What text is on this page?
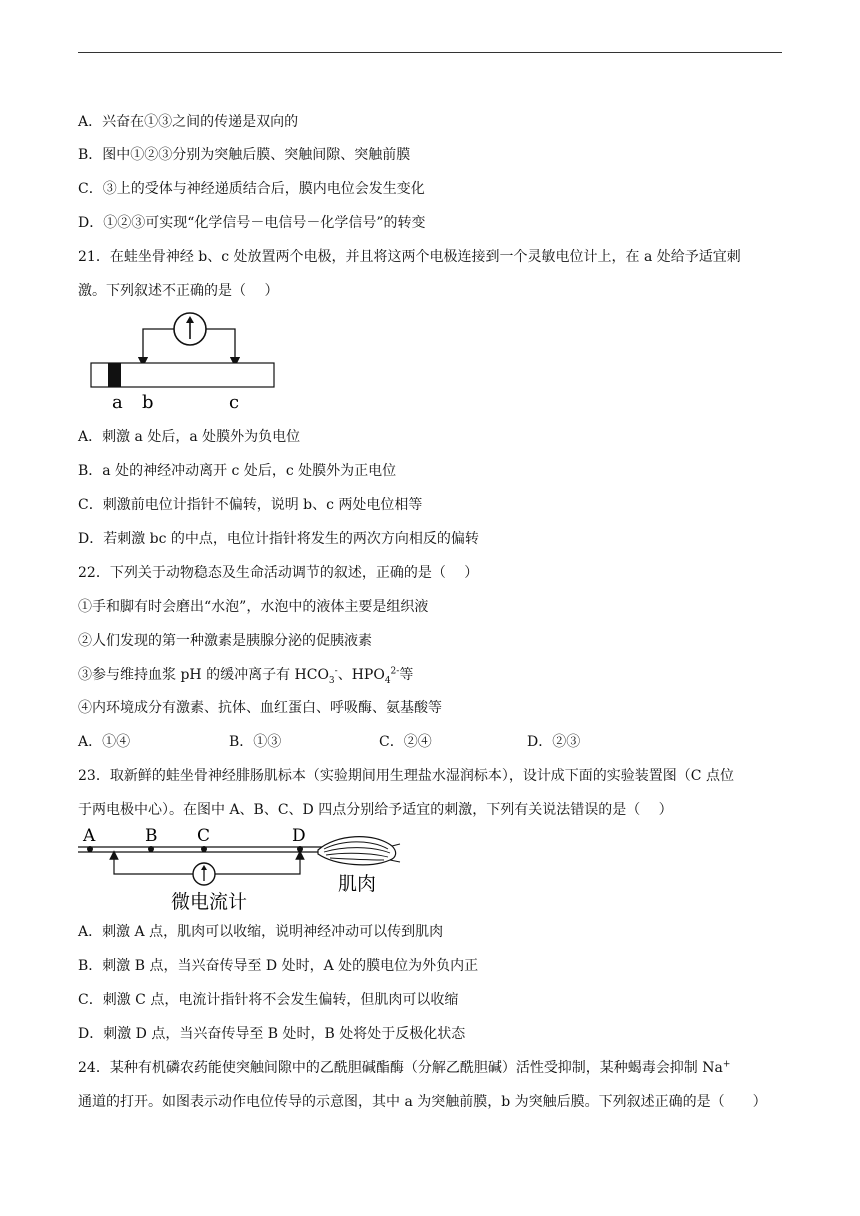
A．兴奋在①③之间的传递是双向的
B．图中①②③分别为突触后膜、突触间隙、突触前膜
C．③上的受体与神经递质结合后，膜内电位会发生变化
D．①②③可实现“化学信号－电信号－化学信号”的转变
21．在蛙坐骨神经 b、c 处放置两个电极，并且将这两个电极连接到一个灵敏电位计上，在 a 处给予适宜刺
激。下列叙述不正确的是（　 ）
a b	c
A．刺激 a 处后，a 处膜外为负电位
B．a 处的神经冲动离开 c 处后，c 处膜外为正电位
C．刺激前电位计指针不偏转，说明 b、c 两处电位相等
D．若刺激 bc 的中点，电位计指针将发生的两次方向相反的偏转
22．下列关于动物稳态及生命活动调节的叙述，正确的是（　 ）
①手和脚有时会磨出“水泡”，水泡中的液体主要是组织液
②人们发现的第一种激素是胰腺分泌的促胰液素
③参与维持血浆 pH 的缓冲离子有 $HCO_3^-$、$HPO_4^{2-}$等
④内环境成分有激素、抗体、血红蛋白、呼吸酶、氨基酸等
A．①④	B．①③	C．②④	D．②③
23．取新鲜的蛙坐骨神经腓肠肌标本（实验期间用生理盐水湿润标本），设计成下面的实验装置图（C 点位
于两电极中心）。在图中 A、B、C、D 四点分别给予适宜的刺激，下列有关说法错误的是（　 ）
A	B C	D
微电流计
肌肉
A．刺激 A 点，肌肉可以收缩，说明神经冲动可以传到肌肉
B．刺激 B 点，当兴奋传导至 D 处时，A 处的膜电位为外负内正
C．刺激 C 点，电流计指针将不会发生偏转，但肌肉可以收缩
D．刺激 D 点，当兴奋传导至 B 处时，B 处将处于反极化状态
24．某种有机磷农药能使突触间隙中的乙酰胆碱酯酶（分解乙酰胆碱）活性受抑制，某种蝎毒会抑制 Na+
通道的打开。如图表示动作电位传导的示意图，其中 a 为突触前膜，b 为突触后膜。下列叙述正确的是（　　）
